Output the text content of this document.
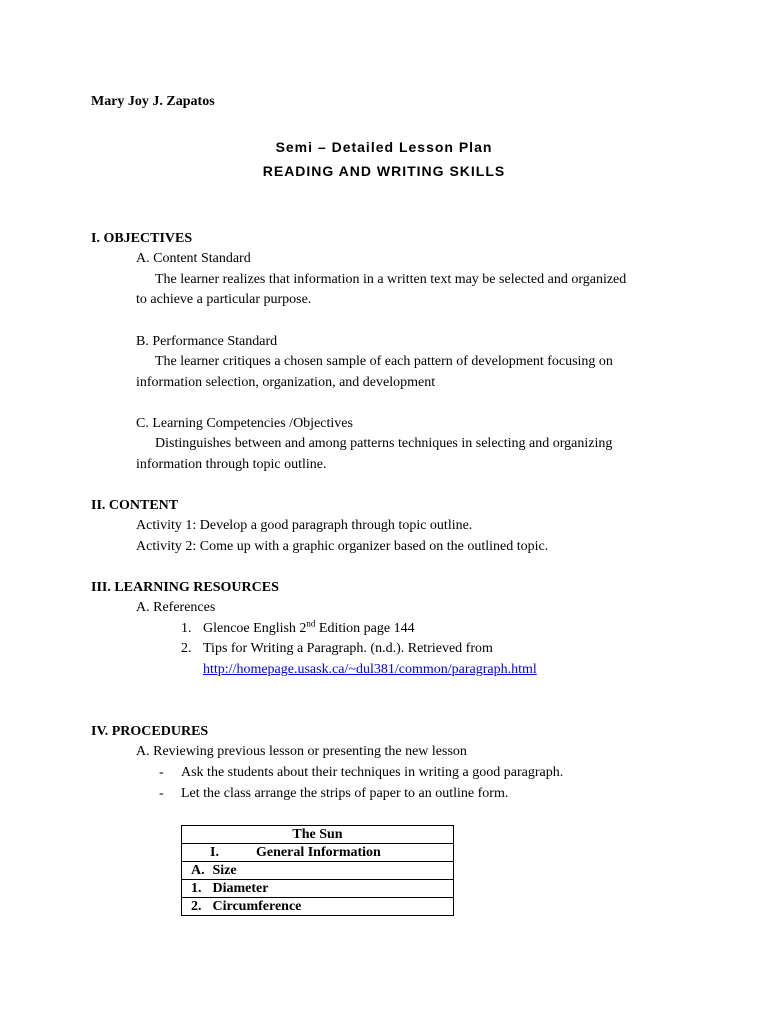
Mary Joy J. Zapatos
Semi – Detailed Lesson Plan
READING AND WRITING SKILLS
I. OBJECTIVES
A. Content Standard
The learner realizes that information in a written text may be selected and organized
to achieve a particular purpose.
B. Performance Standard
The learner critiques a chosen sample of each pattern of development focusing on
information selection, organization, and development
C. Learning Competencies /Objectives
Distinguishes between and among patterns techniques in selecting and organizing
information through topic outline.
II. CONTENT
Activity 1: Develop a good paragraph through topic outline.
Activity 2: Come up with a graphic organizer based on the outlined topic.
III. LEARNING RESOURCES
A. References
1. Glencoe English 2nd Edition page 144
2. Tips for Writing a Paragraph. (n.d.). Retrieved from
http://homepage.usask.ca/~dul381/common/paragraph.html
IV. PROCEDURES
A. Reviewing previous lesson or presenting the new lesson
- Ask the students about their techniques in writing a good paragraph.
- Let the class arrange the strips of paper to an outline form.
The Sun
I.	General Information
A. Size
1. Diameter
2. Circumference
